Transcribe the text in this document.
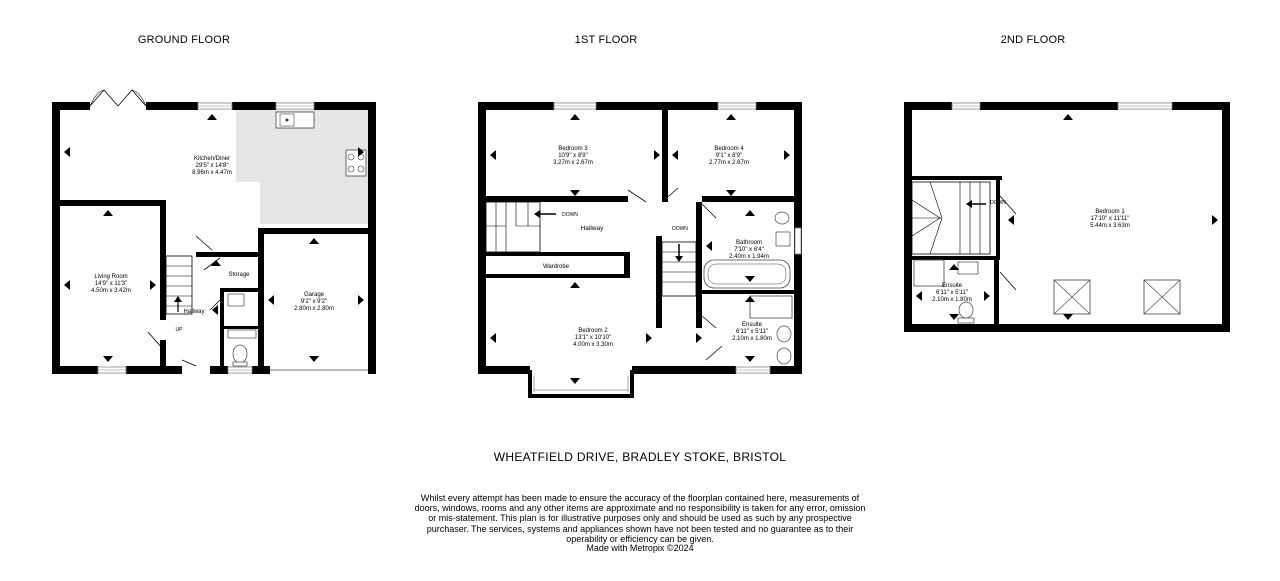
GROUND FLOOR	1ST FLOOR	2ND FLOOR
Kitchen/Diner
29'5" x 14'8"
8.96m x 4.47m
Living Room
14'9" x 11'3"
4.50m x 3.42m
Garage
9'2" x 9'2"
2.80m x 2.80m
Storage
Hallway
UP
Bedroom 3
10'9" x 8'9"
3.27m x 2.67m
Bedroom 4
9'1" x 8'9"
2.77m x 2.67m
Hallway
DOWN
DOWN
Bathroom
7'10" x 6'4"
2.40m x 1.94m
Wardrobe
Bedroom 2
13'1" x 10'10"
4.00m x 3.30m
Ensuite
6'11" x 5'11"
2.10m x 1.80m
Bedroom 1
17'10" x 11'11"
5.44m x 3.63m
DOWN
Ensuite
6'11" x 5'11"
2.10m x 1.80m
WHEATFIELD DRIVE, BRADLEY STOKE, BRISTOL
Whilst every attempt has been made to ensure the accuracy of the floorplan contained here, measurements of doors, windows, rooms and any other items are approximate and no responsibility is taken for any error, omission or mis-statement. This plan is for illustrative purposes only and should be used as such by any prospective purchaser. The services, systems and appliances shown have not been tested and no guarantee as to their operability or efficiency can be given.
Made with Metropix ©2024
